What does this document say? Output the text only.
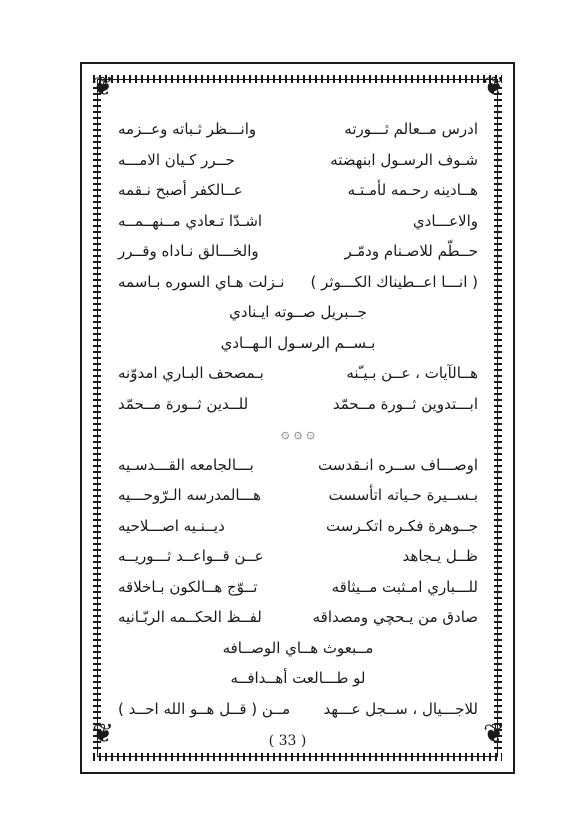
❦	❦
❦	❦
ادرس مــعالم ثـــورته
وانـــظر ثـباته وعــزمه
شـوف الرسـول ابنهضته
حــرر كـيان الامـــه
هــادينه رحـمه لأمـتـه
عــالكفر أصبح نـقمه
والاعـــادي
اشـدّا تـعادي مــنهــمــه
حــطّم للاصـنام ودمّـر
والخـــالق نـاداه وقــرر
( انـــا اعــطيناك الكـــوثر )
نـزلت هـاي السوره بـاسمه
جــبريل صــوته ايـنادي
بـســم الرسـول الـهــادي
هــالآيات ، عــن بـيـّنه
بـمصحف البـاري امدوّنه
ابـــتدوين ثــورة مــحمّد
للــدين ثــورة مــحمّد
۞ ۞ ۞
اوصـــاف ســره انـقدست
بـــالجامعه القـــدسـيه
بـســيرة حـياته اتأسست
هـــالمدرسه الـرّوحـــيه
جــوهرة فكـره اتكـرست
ديــنـيه اصـــلاحيه
ظــل يـجاهد
عــن قــواعــد ثـــوريــه
للـــباري امـثبت مــيثاقه
تــوّج هــالكون بـاخلاقه
صادق من يـحچي ومصداقه
لفــظ الحكــمه الربّـانيه
مــبعوث هــاي الوصــافه
لو طـــالعت أهــدافــه
للاجـــيال ، ســجل عـــهد
مــن ( قــل هــو الله احــد )
( 33 )
